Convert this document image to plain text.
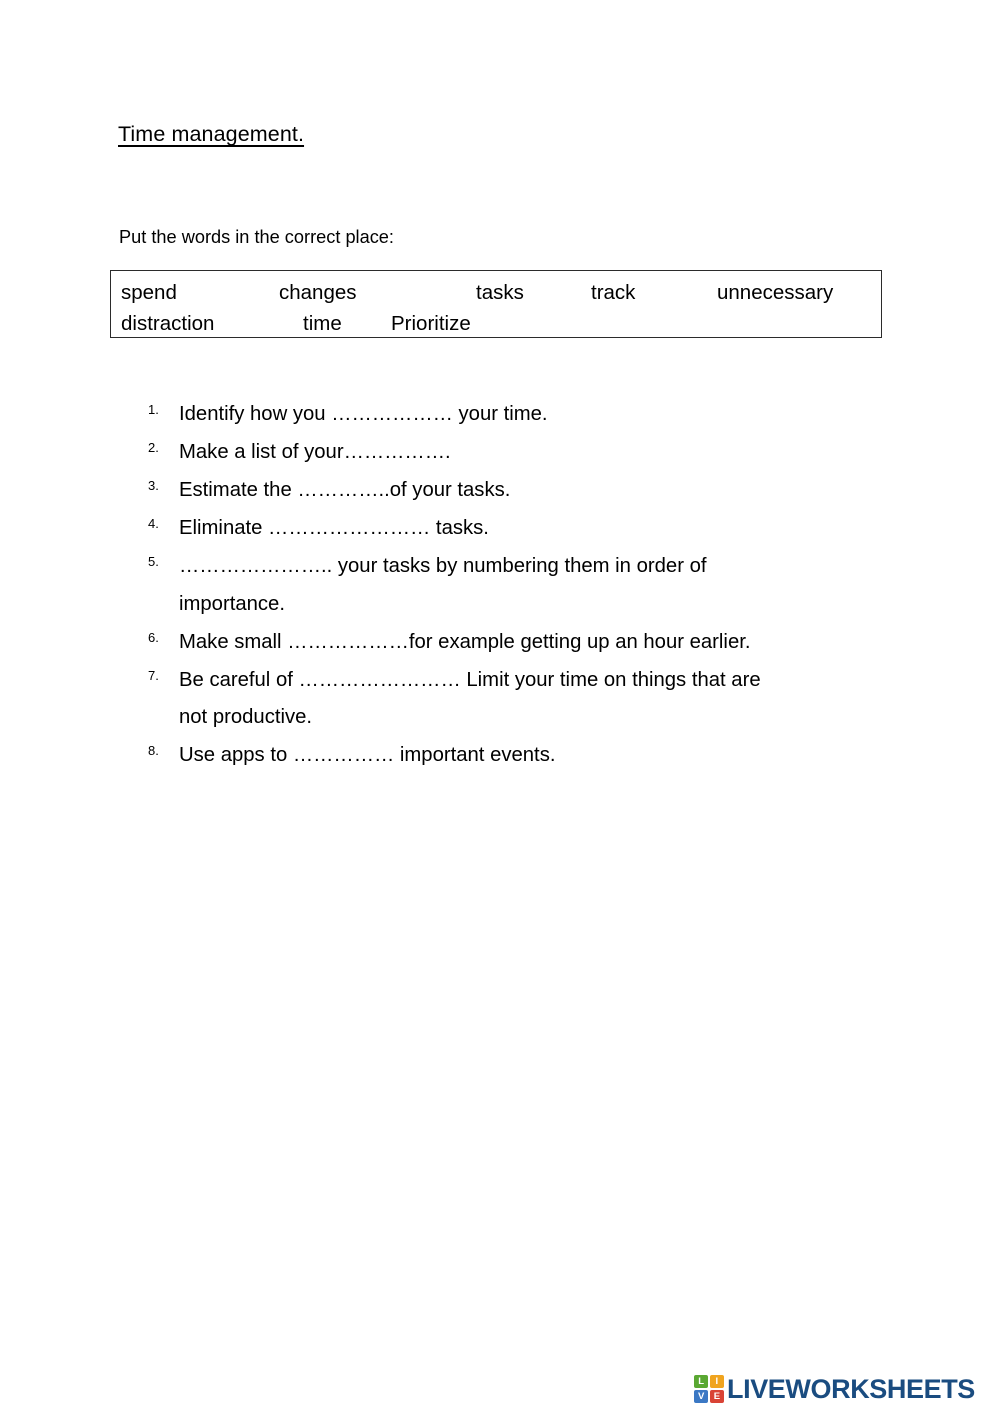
Time management.
Put the words in the correct place:
spend	changes	tasks	track	unnecessary
distraction	time Prioritize
1. Identify how you ……………… your time.
2. Make a list of your…………….
3. Estimate the …………..of your tasks.
4. Eliminate …………………… tasks.
5. ………………….. your tasks by numbering them in order of
importance.
6. Make small ………………for example getting up an hour earlier.
7. Be careful of …………………… Limit your time on things that are
not productive.
8. Use apps to …………… important events.
L	I
V E LIVEWORKSHEETS
